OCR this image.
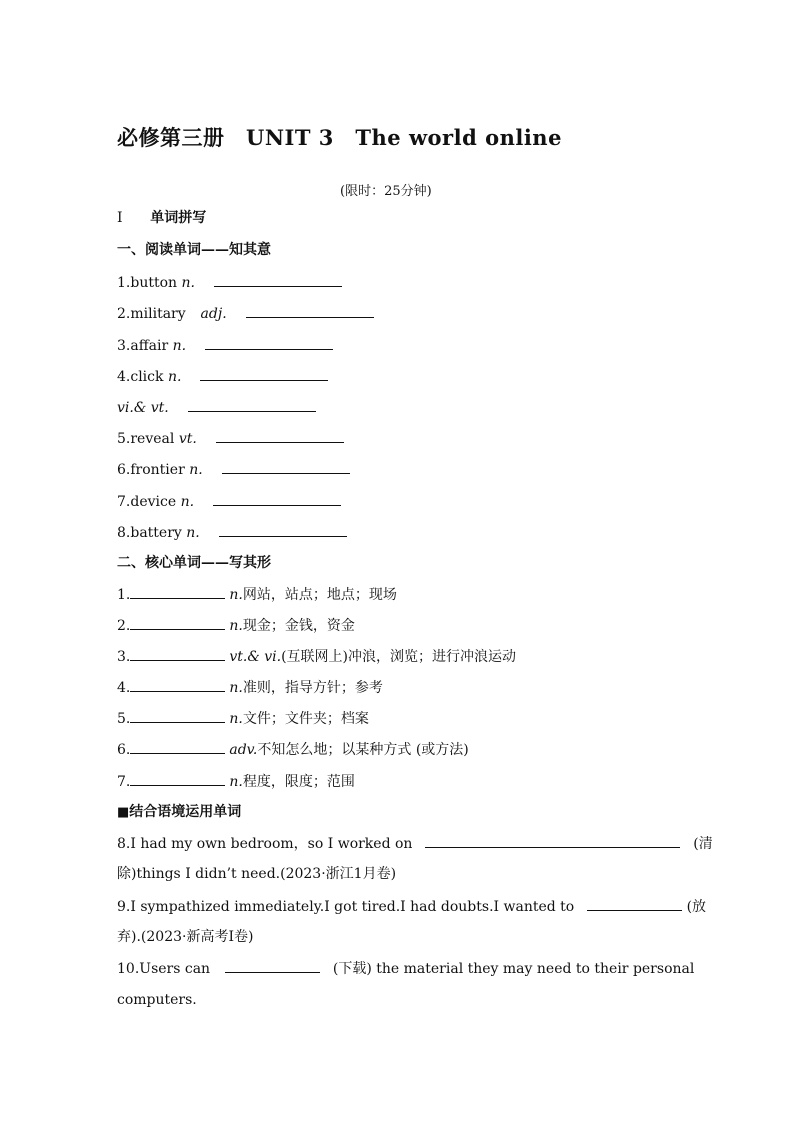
必修第三册　UNIT 3　The world online
(限时：25分钟)
Ⅰ 单词拼写
一、阅读单词——知其意
1.button n.
2.military adj.
3.affair n.
4.click n.
vi.& vt.
5.reveal vt.
6.frontier n.
7.device n.
8.battery n.
二、核心单词——写其形
1.	n.网站，站点；地点；现场
2.	n.现金；金钱，资金
3.	vt.& vi.(互联网上)冲浪，浏览；进行冲浪运动
4.	n.准则，指导方针；参考
5.	n.文件；文件夹；档案
6.	adv.不知怎么地；以某种方式 (或方法)
7.	n.程度，限度；范围
■结合语境运用单词
8.I had my own bedroom，so I worked on	(清
除)things I didn’t need.(2023·浙江1月卷)
9.I sympathized immediately.I got tired.I had doubts.I wanted to	(放
弃).(2023·新高考Ⅰ卷)
10.Users can	(下载) the material they may need to their personal
computers.
